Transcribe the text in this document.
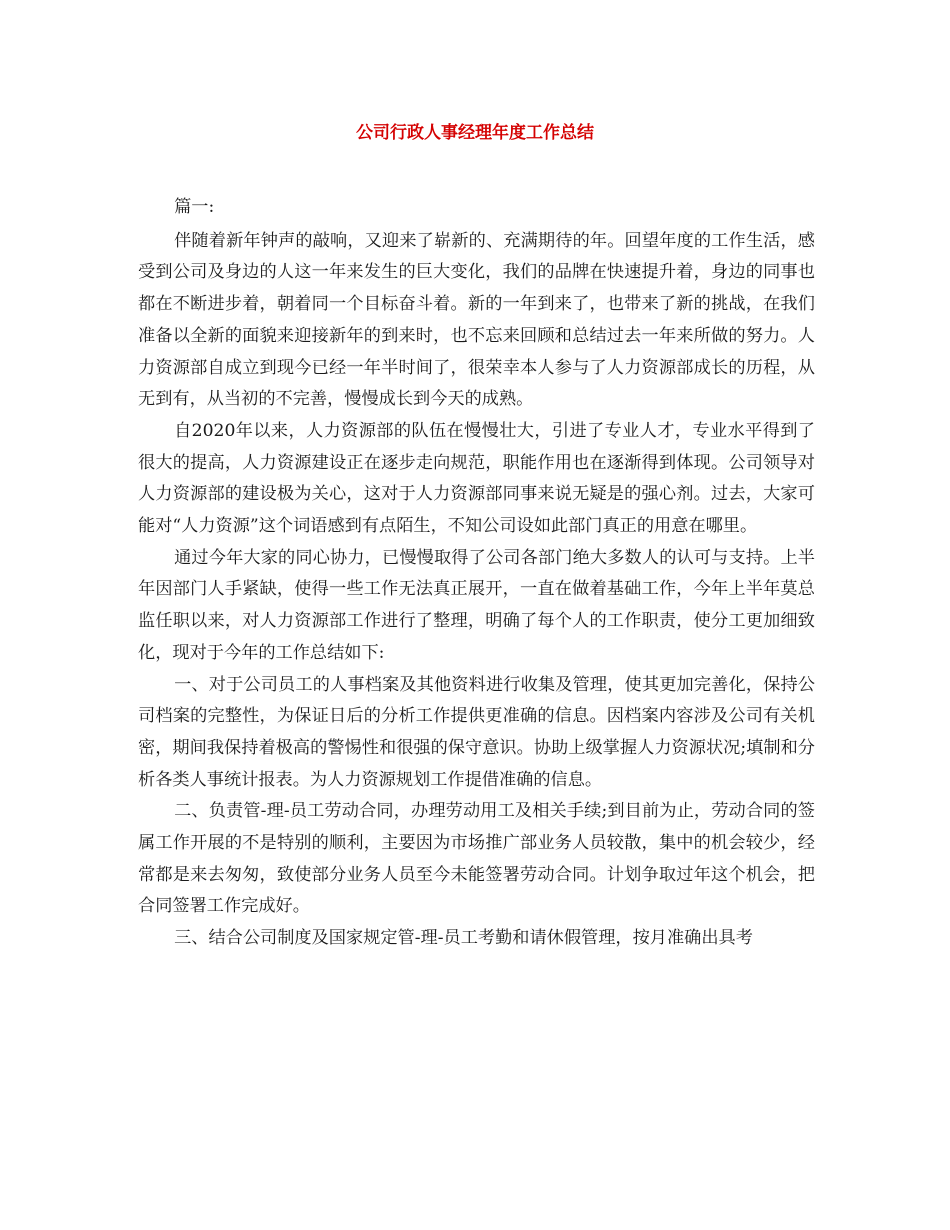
公司行政人事经理年度工作总结

篇一:

伴随着新年钟声的敲响，又迎来了崭新的、充满期待的年。回望年度的工作生活，感受到公司及身边的人这一年来发生的巨大变化，我们的品牌在快速提升着，身边的同事也都在不断进步着，朝着同一个目标奋斗着。新的一年到来了，也带来了新的挑战，在我们准备以全新的面貌来迎接新年的到来时，也不忘来回顾和总结过去一年来所做的努力。人力资源部自成立到现今已经一年半时间了，很荣幸本人参与了人力资源部成长的历程，从无到有，从当初的不完善，慢慢成长到今天的成熟。

自2020年以来，人力资源部的队伍在慢慢壮大，引进了专业人才，专业水平得到了很大的提高，人力资源建设正在逐步走向规范，职能作用也在逐渐得到体现。公司领导对人力资源部的建设极为关心，这对于人力资源部同事来说无疑是的强心剂。过去，大家可能对“人力资源”这个词语感到有点陌生，不知公司设如此部门真正的用意在哪里。

通过今年大家的同心协力，已慢慢取得了公司各部门绝大多数人的认可与支持。上半年因部门人手紧缺，使得一些工作无法真正展开，一直在做着基础工作，今年上半年莫总监任职以来，对人力资源部工作进行了整理，明确了每个人的工作职责，使分工更加细致化，现对于今年的工作总结如下:

一、对于公司员工的人事档案及其他资料进行收集及管理，使其更加完善化，保持公司档案的完整性，为保证日后的分析工作提供更准确的信息。因档案内容涉及公司有关机密，期间我保持着极高的警惕性和很强的保守意识。协助上级掌握人力资源状况;填制和分析各类人事统计报表。为人力资源规划工作提借准确的信息。

二、负责管-理-员工劳动合同，办理劳动用工及相关手续;到目前为止，劳动合同的签属工作开展的不是特别的顺利，主要因为市场推广部业务人员较散，集中的机会较少，经常都是来去匆匆，致使部分业务人员至今未能签署劳动合同。计划争取过年这个机会，把合同签署工作完成好。

三、结合公司制度及国家规定管-理-员工考勤和请休假管理，按月准确出具考
